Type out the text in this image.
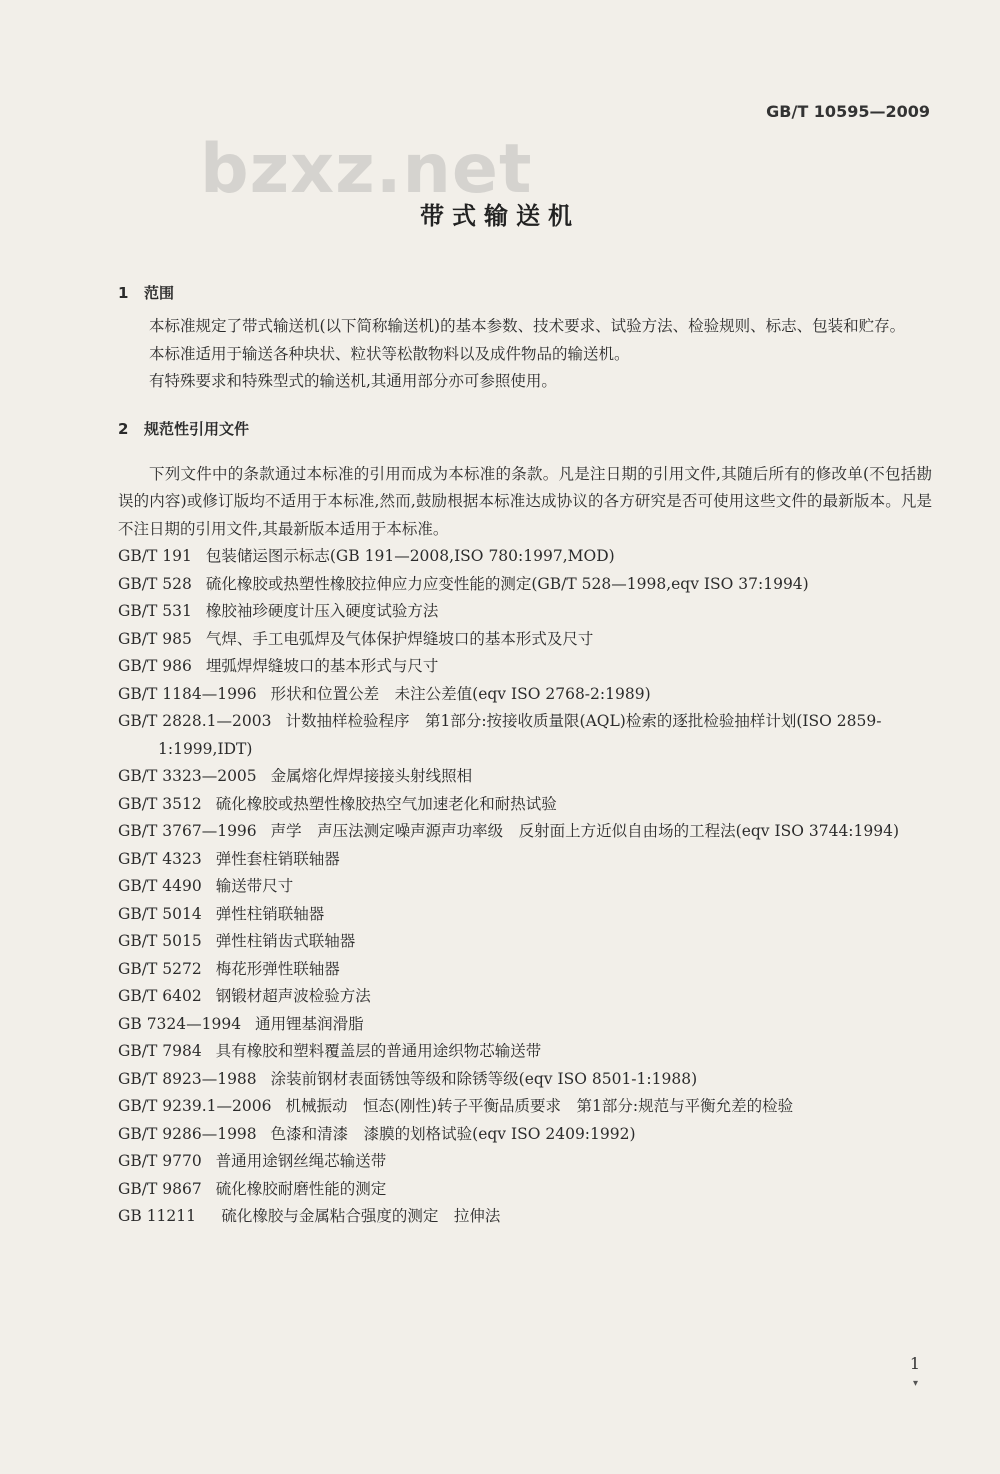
GB/T 10595—2009
bzxz.net
带式输送机
1 范围

本标准规定了带式输送机(以下简称输送机)的基本参数、技术要求、试验方法、检验规则、标志、包装和贮存。

本标准适用于输送各种块状、粒状等松散物料以及成件物品的输送机。

有特殊要求和特殊型式的输送机,其通用部分亦可参照使用。

2 规范性引用文件

下列文件中的条款通过本标准的引用而成为本标准的条款。凡是注日期的引用文件,其随后所有的修改单(不包括勘误的内容)或修订版均不适用于本标准,然而,鼓励根据本标准达成协议的各方研究是否可使用这些文件的最新版本。凡是不注日期的引用文件,其最新版本适用于本标准。

GB/T 191 包装储运图示标志(GB 191—2008,ISO 780:1997,MOD)

GB/T 528 硫化橡胶或热塑性橡胶拉伸应力应变性能的测定(GB/T 528—1998,eqv ISO 37:1994)

GB/T 531 橡胶袖珍硬度计压入硬度试验方法

GB/T 985 气焊、手工电弧焊及气体保护焊缝坡口的基本形式及尺寸

GB/T 986 埋弧焊焊缝坡口的基本形式与尺寸

GB/T 1184—1996 形状和位置公差　未注公差值(eqv ISO 2768-2:1989)

GB/T 2828.1—2003 计数抽样检验程序　第1部分:按接收质量限(AQL)检索的逐批检验抽样计划(ISO 2859-1:1999,IDT)

GB/T 3323—2005 金属熔化焊焊接接头射线照相

GB/T 3512 硫化橡胶或热塑性橡胶热空气加速老化和耐热试验

GB/T 3767—1996 声学　声压法测定噪声源声功率级　反射面上方近似自由场的工程法(eqv ISO 3744:1994)

GB/T 4323 弹性套柱销联轴器

GB/T 4490 输送带尺寸

GB/T 5014 弹性柱销联轴器

GB/T 5015 弹性柱销齿式联轴器

GB/T 5272 梅花形弹性联轴器

GB/T 6402 钢锻材超声波检验方法

GB 7324—1994 通用锂基润滑脂

GB/T 7984 具有橡胶和塑料覆盖层的普通用途织物芯输送带

GB/T 8923—1988 涂装前钢材表面锈蚀等级和除锈等级(eqv ISO 8501-1:1988)

GB/T 9239.1—2006 机械振动　恒态(刚性)转子平衡品质要求　第1部分:规范与平衡允差的检验

GB/T 9286—1998 色漆和清漆　漆膜的划格试验(eqv ISO 2409:1992)

GB/T 9770 普通用途钢丝绳芯输送带

GB/T 9867 硫化橡胶耐磨性能的测定

GB 11211 硫化橡胶与金属粘合强度的测定　拉伸法

1
▾
